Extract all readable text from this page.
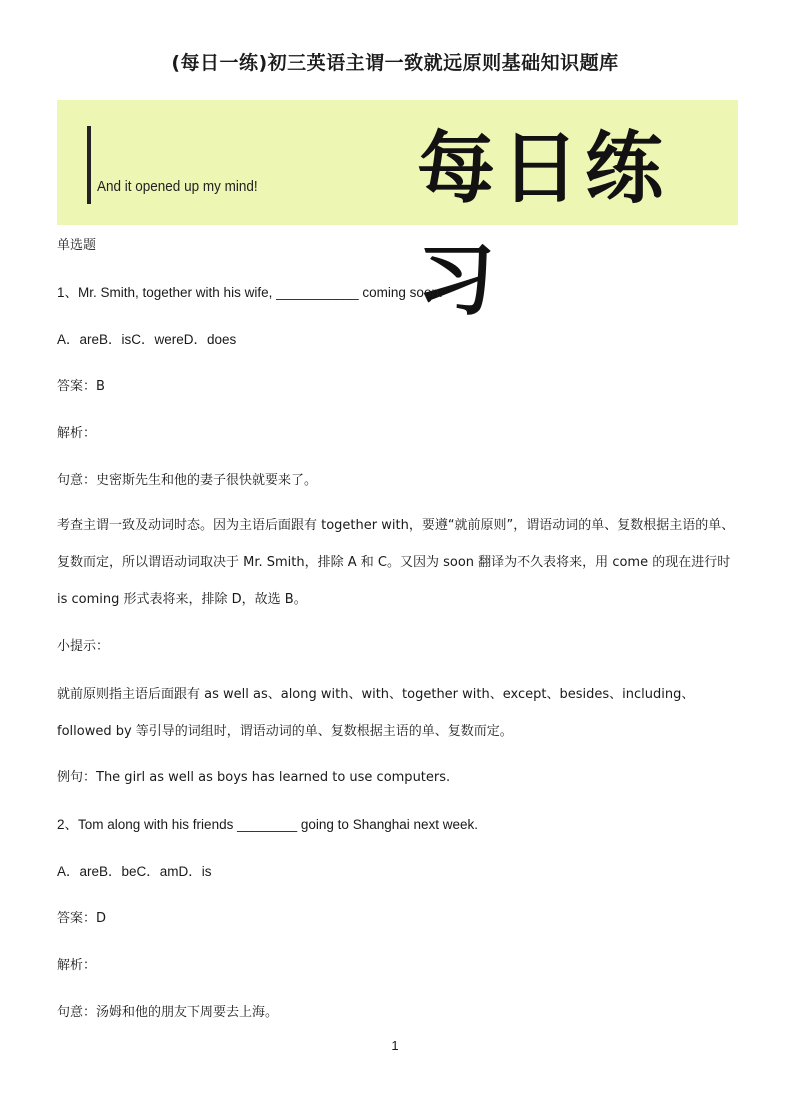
(每日一练)初三英语主谓一致就远原则基础知识题库
And it opened up my mind! 每日练习
单选题
1、Mr. Smith, together with his wife, ___________ coming soon.
A．areB．isC．wereD．does
答案：B
解析：
句意：史密斯先生和他的妻子很快就要来了。
考查主谓一致及动词时态。因为主语后面跟有 together with，要遵“就前原则”，谓语动词的单、复数根据主语的单、复数而定，所以谓语动词取决于 Mr. Smith，排除 A 和 C。又因为 soon 翻译为不久表将来，用 come 的现在进行时 is coming 形式表将来，排除 D，故选 B。
小提示：
就前原则指主语后面跟有 as well as、along with、with、together with、except、besides、including、followed by 等引导的词组时，谓语动词的单、复数根据主语的单、复数而定。
例句：The girl as well as boys has learned to use computers.
2、Tom along with his friends ________ going to Shanghai next week.
A．areB．beC．amD．is
答案：D
解析：
句意：汤姆和他的朋友下周要去上海。
1
